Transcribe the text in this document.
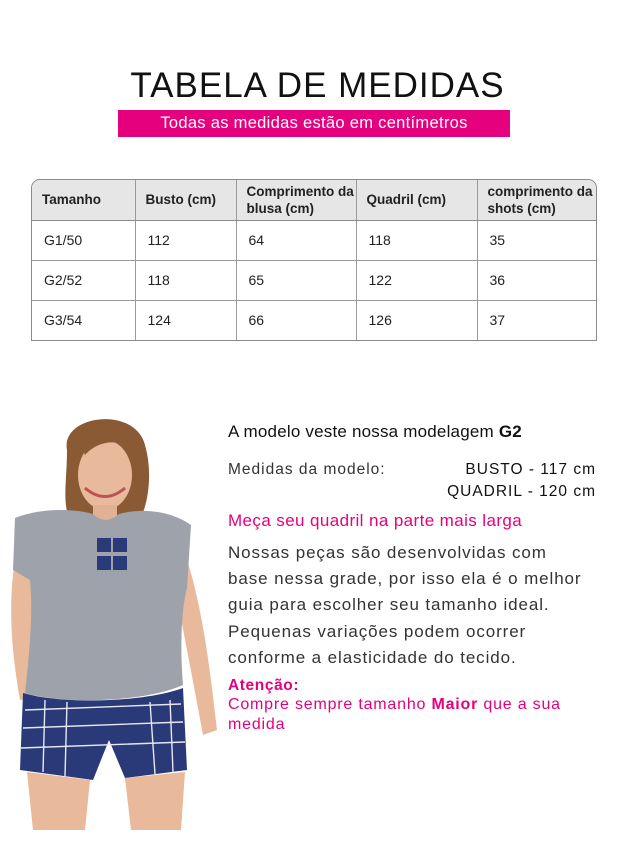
TABELA DE MEDIDAS
Todas as medidas estão em centímetros
Tamanho	Busto (cm)	Comprimento da blusa (cm)	Quadril (cm)	comprimento da shots (cm)
G1/50	112	64	118	35
G2/52	118	65	122	36
G3/54	124	66	126	37
A modelo veste nossa modelagem G2
Medidas da modelo:	BUSTO - 117 cm
QUADRIL - 120 cm
Meça seu quadril na parte mais larga
Nossas peças são desenvolvidas com
base nessa grade, por isso ela é o melhor
guia para escolher seu tamanho ideal.
Pequenas variações podem ocorrer
conforme a elasticidade do tecido.
Atenção:
Compre sempre tamanho Maior que a sua medida
